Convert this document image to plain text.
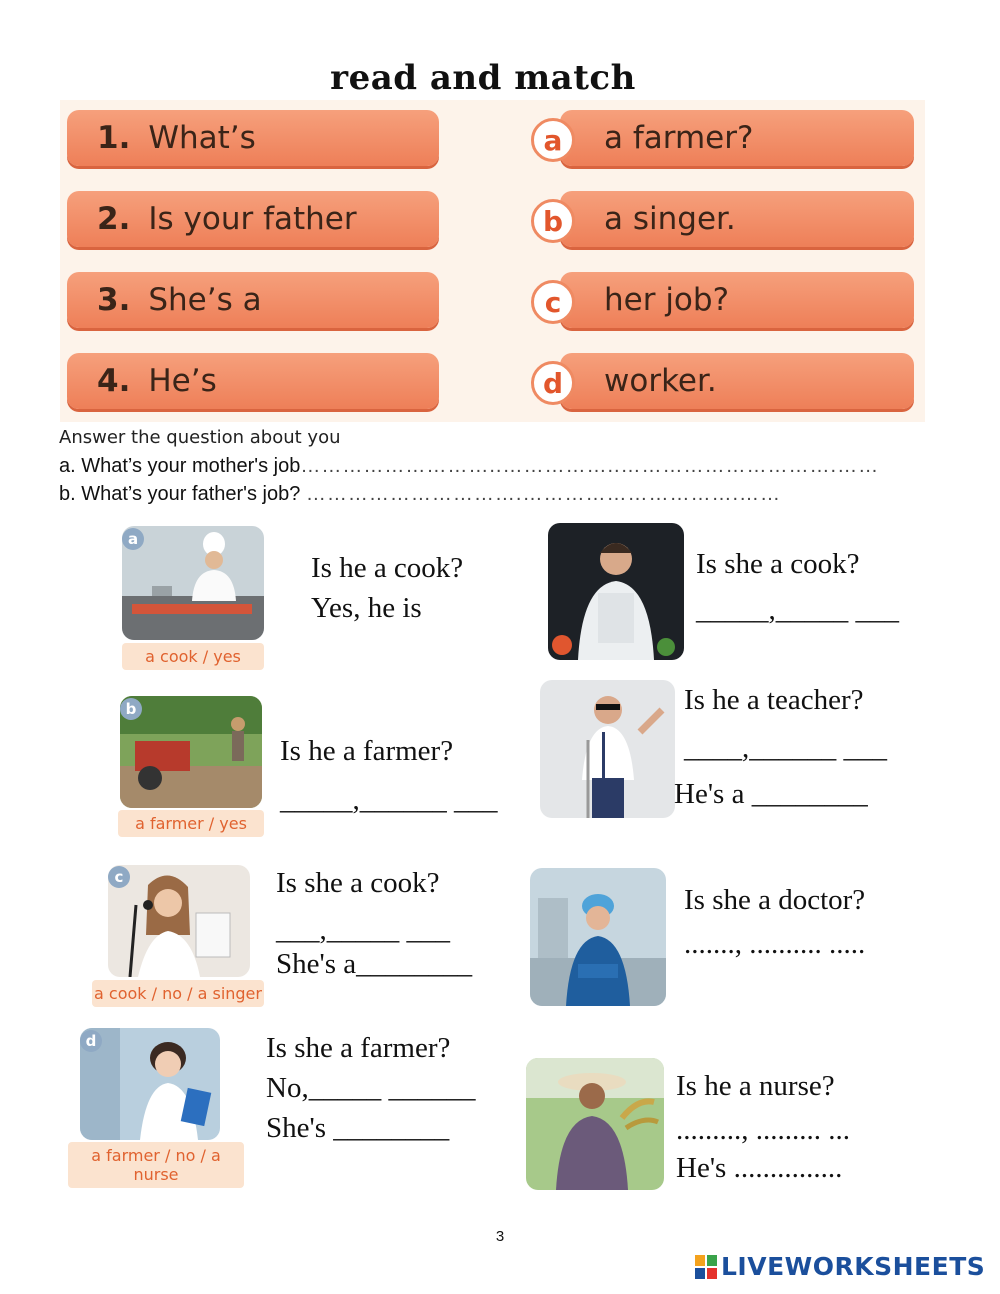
read and match
1. What’s
2. Is your father
3. She’s a
4. He’s
a farmer?
a singer.
her job?
worker.
a
b
c
d
Answer the question about you
a. What’s your mother's job………………………..……………..………………………….……
b. What’s your father's job? ………………………….………………………….……
a
a cook / yes
Is he a cook?
Yes, he is
b
a farmer / yes
Is he a farmer?
_____,______ ___
c
a cook / no / a singer
Is she a cook?
___,_____ ___
She's a________
d
a farmer / no / a nurse
Is she a farmer?
No,_____ ______
She's ________
Is she a cook?
_____,_____ ___
Is he a teacher?
____,______ ___
He's a ________
Is she a doctor?
......., .......... .....
Is he a nurse?
........., ......... ...
He's ...............
3
LIVEWORKSHEETS
